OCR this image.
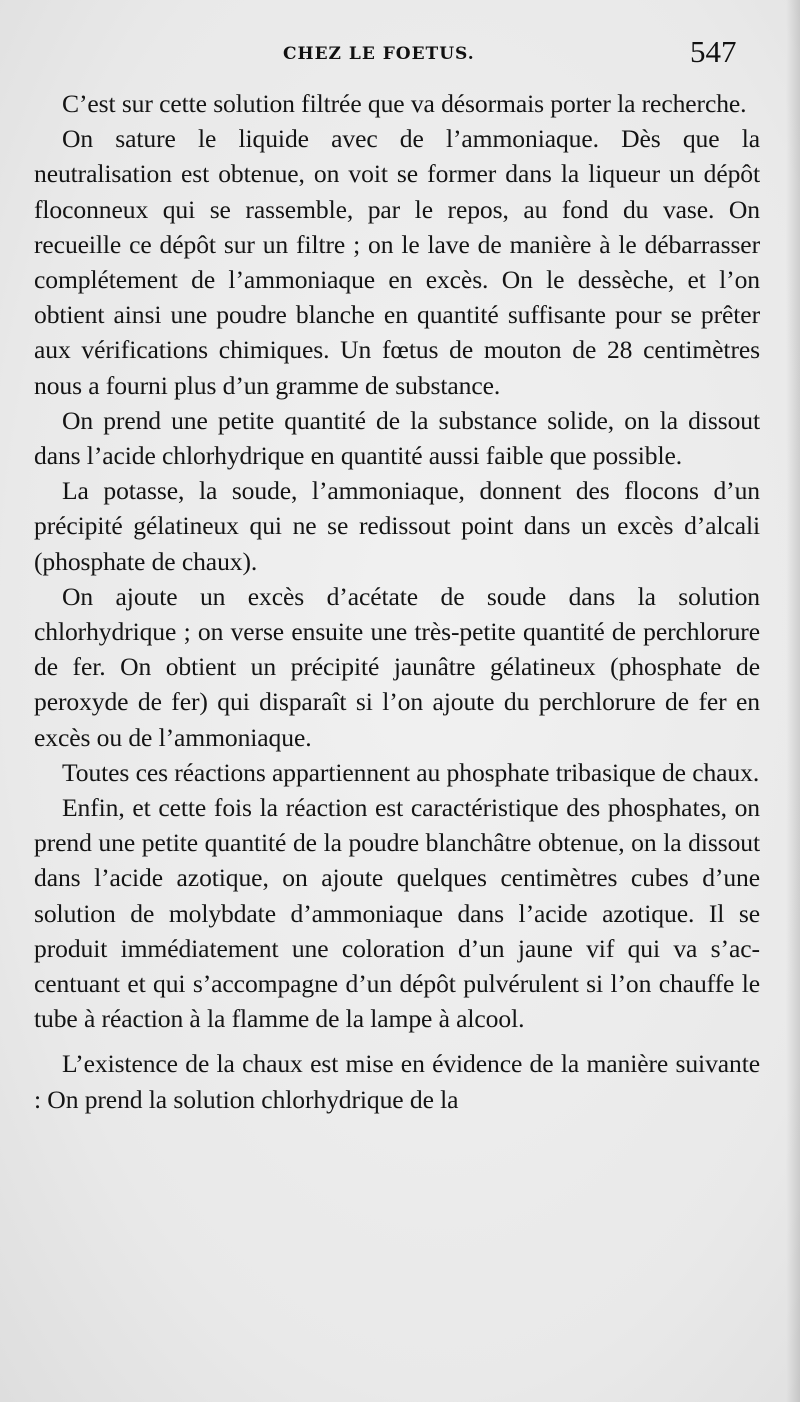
CHEZ LE FOETUS.	547

C’est sur cette solution filtrée que va désormais porter la recherche.

On sature le liquide avec de l’ammoniaque. Dès que la neutralisation est obtenue, on voit se former dans la liqueur un dépôt floconneux qui se rassemble, par le repos, au fond du vase. On recueille ce dépôt sur un filtre ; on le lave de manière à le débarrasser complétement de l’ammoniaque en excès. On le dessèche, et l’on obtient ainsi une poudre blanche en quantité suffisante pour se prêter aux vérifications chimiques. Un fœtus de mouton de 28 centimètres nous a fourni plus d’un gramme de substance.

On prend une petite quantité de la substance solide, on la dissout dans l’acide chlorhydrique en quantité aussi faible que possible.

La potasse, la soude, l’ammoniaque, donnent des flocons d’un précipité gélatineux qui ne se redissout point dans un excès d’alcali (phosphate de chaux).

On ajoute un excès d’acétate de soude dans la solution chlorhydrique ; on verse ensuite une très-petite quantité de perchlorure de fer. On obtient un précipité jaunâtre gélatineux (phosphate de peroxyde de fer) qui disparaît si l’on ajoute du perchlorure de fer en excès ou de l’ammoniaque.

Toutes ces réactions appartiennent au phosphate tribasique de chaux.

Enfin, et cette fois la réaction est caractéristique des phosphates, on prend une petite quantité de la poudre blanchâtre obtenue, on la dissout dans l’acide azotique, on ajoute quelques centimètres cubes d’une solution de molybdate d’ammoniaque dans l’acide azotique. Il se produit immédiatement une coloration d’un jaune vif qui va s’accentuant et qui s’accompagne d’un dépôt pulvérulent si l’on chauffe le tube à réaction à la flamme de la lampe à alcool.

L’existence de la chaux est mise en évidence de la manière suivante : On prend la solution chlorhydrique de la
